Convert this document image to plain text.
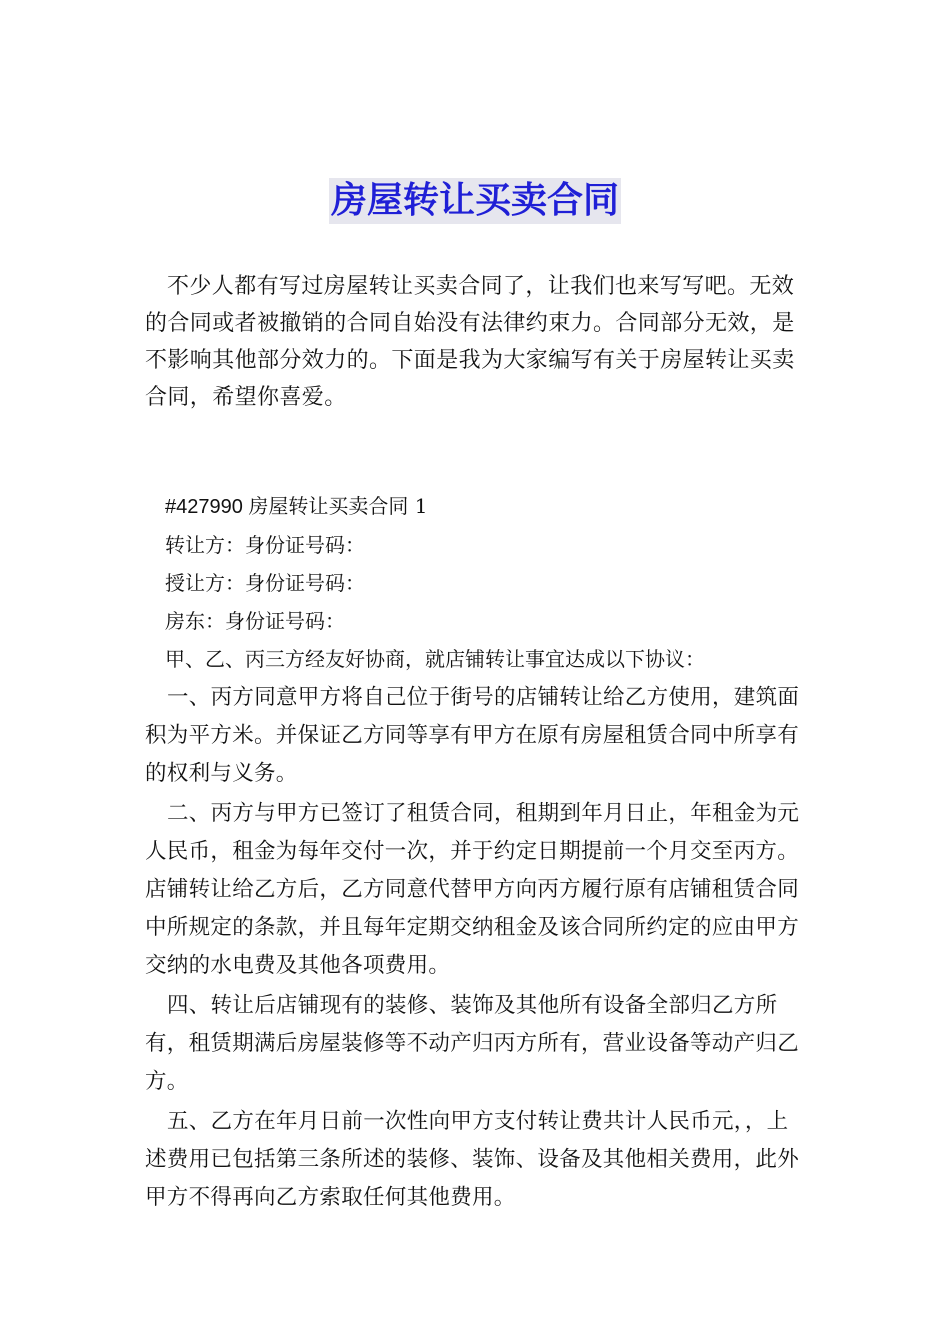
房屋转让买卖合同

不少人都有写过房屋转让买卖合同了，让我们也来写写吧。无效的合同或者被撤销的合同自始没有法律约束力。合同部分无效，是不影响其他部分效力的。下面是我为大家编写有关于房屋转让买卖合同，希望你喜爱。

#427990 房屋转让买卖合同 1
转让方：身份证号码：
授让方：身份证号码：
房东：身份证号码：
甲、乙、丙三方经友好协商，就店铺转让事宜达成以下协议：

一、丙方同意甲方将自己位于街号的店铺转让给乙方使用，建筑面积为平方米。并保证乙方同等享有甲方在原有房屋租赁合同中所享有的权利与义务。

二、丙方与甲方已签订了租赁合同，租期到年月日止，年租金为元人民币，租金为每年交付一次，并于约定日期提前一个月交至丙方。店铺转让给乙方后，乙方同意代替甲方向丙方履行原有店铺租赁合同中所规定的条款，并且每年定期交纳租金及该合同所约定的应由甲方交纳的水电费及其他各项费用。

四、转让后店铺现有的装修、装饰及其他所有设备全部归乙方所有，租赁期满后房屋装修等不动产归丙方所有，营业设备等动产归乙方。

五、乙方在年月日前一次性向甲方支付转让费共计人民币元，，上述费用已包括第三条所述的装修、装饰、设备及其他相关费用，此外甲方不得再向乙方索取任何其他费用。
